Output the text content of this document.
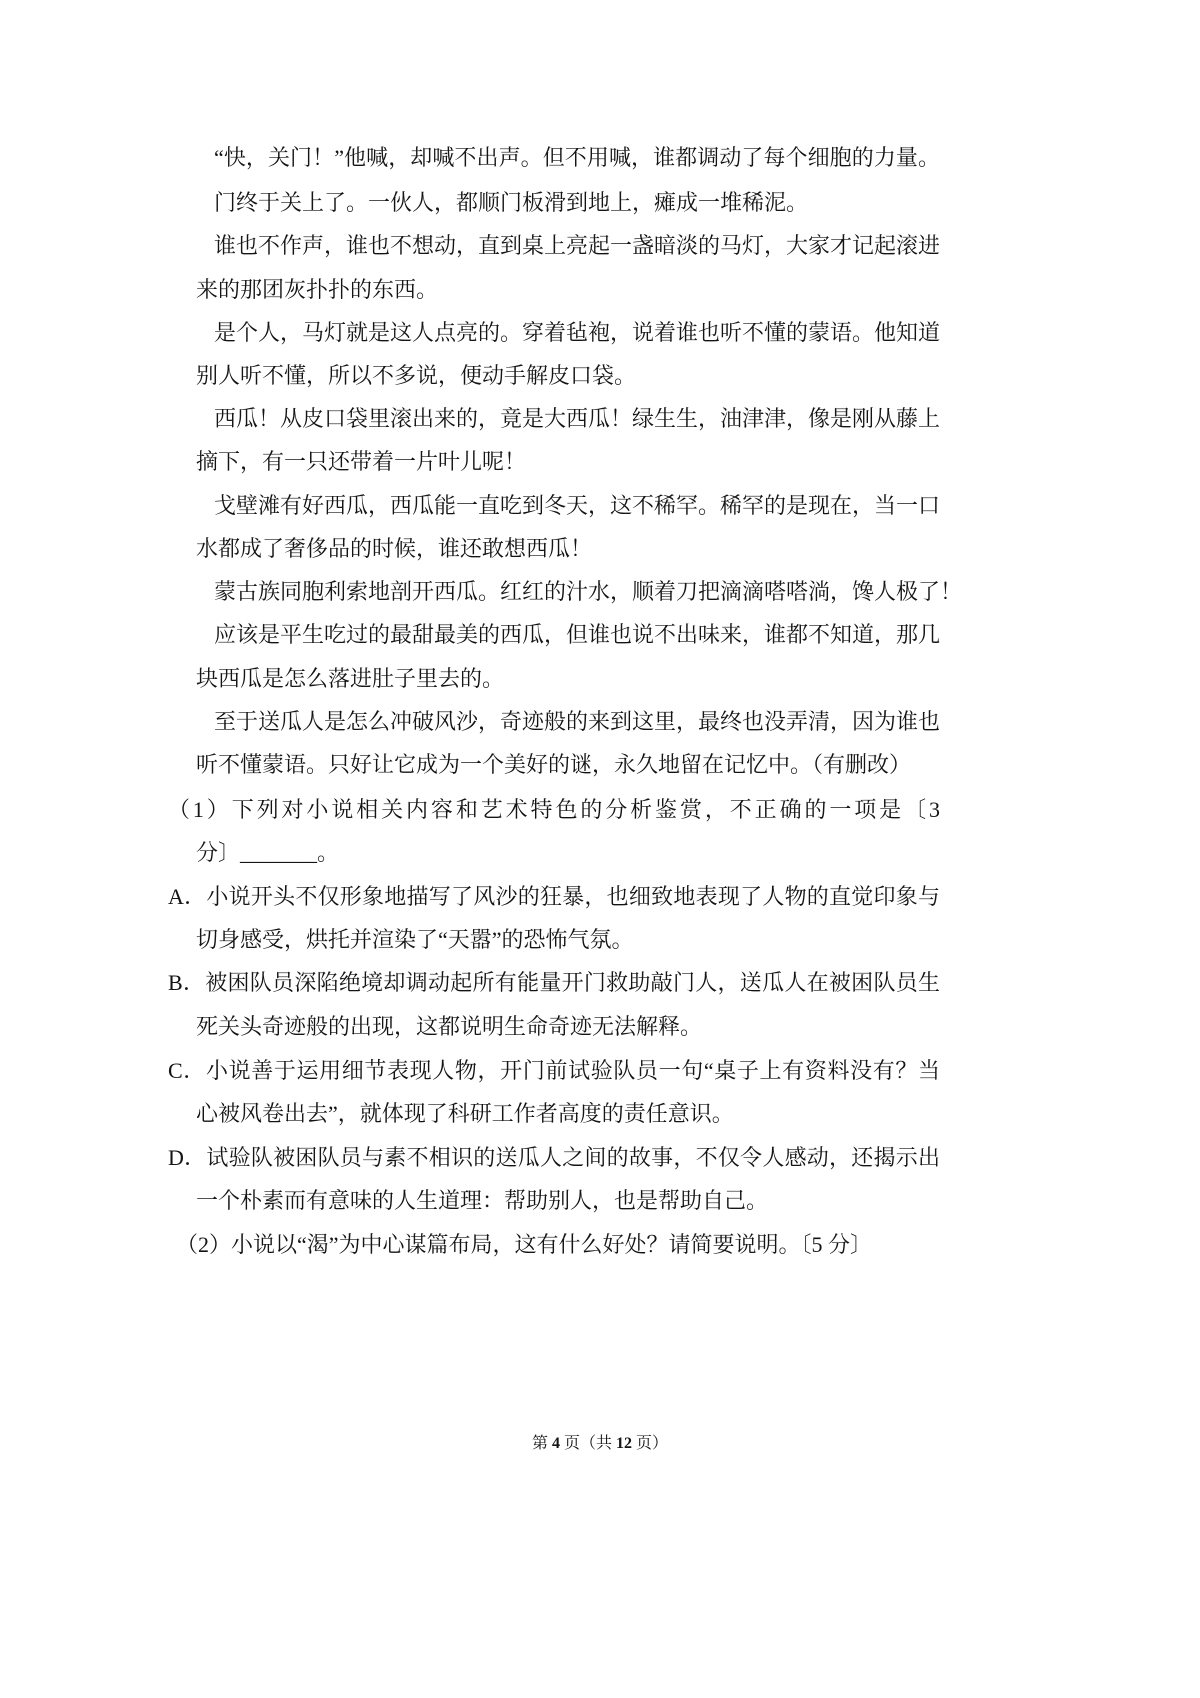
“快，关门！”他喊，却喊不出声。但不用喊，谁都调动了每个细胞的力量。
门终于关上了。一伙人，都顺门板滑到地上，瘫成一堆稀泥。
谁也不作声，谁也不想动，直到桌上亮起一盏暗淡的马灯，大家才记起滚进
来的那团灰扑扑的东西。
是个人，马灯就是这人点亮的。穿着毡袍，说着谁也听不懂的蒙语。他知道
别人听不懂，所以不多说，便动手解皮口袋。
西瓜！从皮口袋里滚出来的，竟是大西瓜！绿生生，油津津，像是刚从藤上
摘下，有一只还带着一片叶儿呢！
戈壁滩有好西瓜，西瓜能一直吃到冬天，这不稀罕。稀罕的是现在，当一口
水都成了奢侈品的时候，谁还敢想西瓜！
蒙古族同胞利索地剖开西瓜。红红的汁水，顺着刀把滴滴嗒嗒淌，馋人极了！
应该是平生吃过的最甜最美的西瓜，但谁也说不出味来，谁都不知道，那几
块西瓜是怎么落进肚子里去的。
至于送瓜人是怎么冲破风沙，奇迹般的来到这里，最终也没弄清，因为谁也
听不懂蒙语。只好让它成为一个美好的谜，永久地留在记忆中。（有删改）
（1）下列对小说相关内容和艺术特色的分析鉴赏，不正确的一项是〔3
分〕_______。
A．小说开头不仅形象地描写了风沙的狂暴，也细致地表现了人物的直觉印象与
切身感受，烘托并渲染了“天嚣”的恐怖气氛。
B．被困队员深陷绝境却调动起所有能量开门救助敲门人，送瓜人在被困队员生
死关头奇迹般的出现，这都说明生命奇迹无法解释。
C．小说善于运用细节表现人物，开门前试验队员一句“桌子上有资料没有？当
心被风卷出去”，就体现了科研工作者高度的责任意识。
D．试验队被困队员与素不相识的送瓜人之间的故事，不仅令人感动，还揭示出
一个朴素而有意味的人生道理：帮助别人，也是帮助自己。
（2）小说以“渴”为中心谋篇布局，这有什么好处？请简要说明。〔5 分〕
第 4 页（共 12 页）
